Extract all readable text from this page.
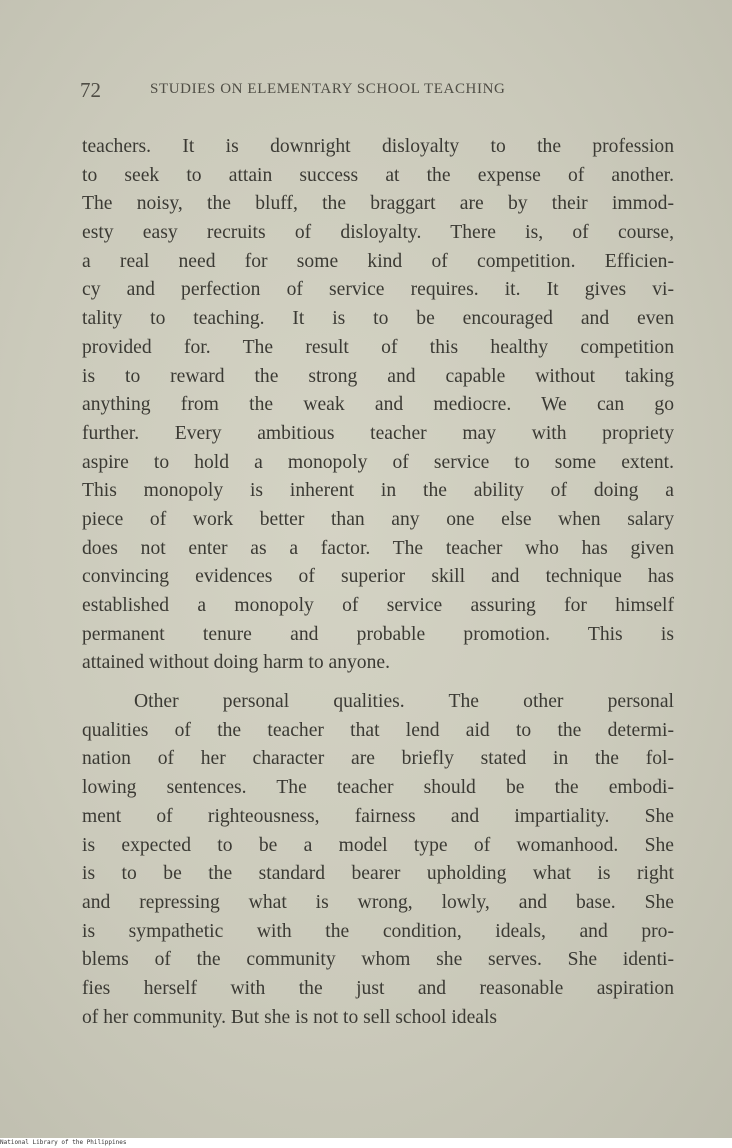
72	STUDIES ON ELEMENTARY SCHOOL TEACHING
teachers. It is downright disloyalty to the profession
to seek to attain success at the expense of another.
The noisy, the bluff, the braggart are by their immod-
esty easy recruits of disloyalty. There is, of course,
a real need for some kind of competition. Efficien-
cy and perfection of service requires. it. It gives vi-
tality to teaching. It is to be encouraged and even
provided for. The result of this healthy competition
is to reward the strong and capable without taking
anything from the weak and mediocre. We can go
further. Every ambitious teacher may with propriety
aspire to hold a monopoly of service to some extent.
This monopoly is inherent in the ability of doing a
piece of work better than any one else when salary
does not enter as a factor. The teacher who has given
convincing evidences of superior skill and technique has
established a monopoly of service assuring for himself
permanent tenure and probable promotion. This is
attained without doing harm to anyone.
Other personal qualities. The other personal
qualities of the teacher that lend aid to the determi-
nation of her character are briefly stated in the fol-
lowing sentences. The teacher should be the embodi-
ment of righteousness, fairness and impartiality. She
is expected to be a model type of womanhood. She
is to be the standard bearer upholding what is right
and repressing what is wrong, lowly, and base. She
is sympathetic with the condition, ideals, and pro-
blems of the community whom she serves. She identi-
fies herself with the just and reasonable aspiration
of her community. But she is not to sell school ideals
National Library of the Philippines
